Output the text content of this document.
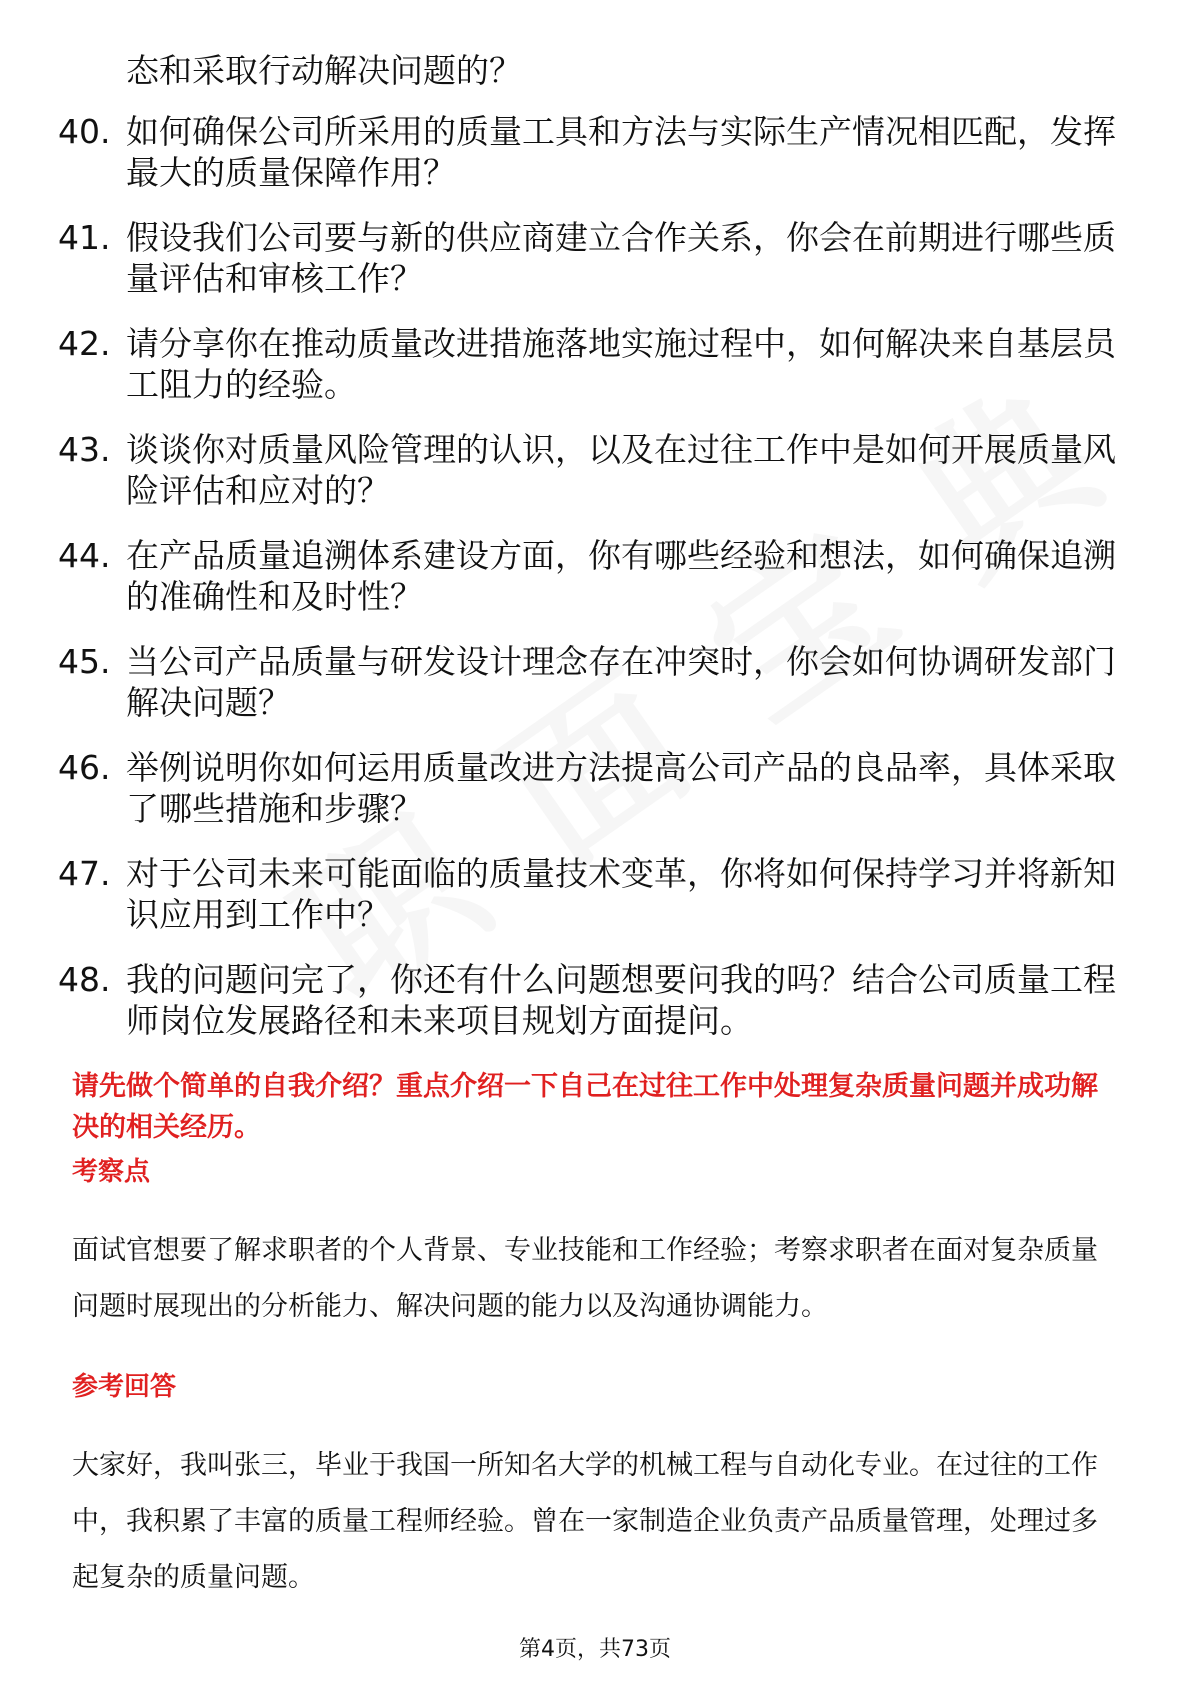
态和采取行动解决问题的？
40. 如何确保公司所采用的质量工具和方法与实际生产情况相匹配，发挥最大的质量保障作用？
41. 假设我们公司要与新的供应商建立合作关系，你会在前期进行哪些质量评估和审核工作？
42. 请分享你在推动质量改进措施落地实施过程中，如何解决来自基层员工阻力的经验。
43. 谈谈你对质量风险管理的认识，以及在过往工作中是如何开展质量风险评估和应对的？
44. 在产品质量追溯体系建设方面，你有哪些经验和想法，如何确保追溯的准确性和及时性？
45. 当公司产品质量与研发设计理念存在冲突时，你会如何协调研发部门解决问题？
46. 举例说明你如何运用质量改进方法提高公司产品的良品率，具体采取了哪些措施和步骤？
47. 对于公司未来可能面临的质量技术变革，你将如何保持学习并将新知识应用到工作中？
48. 我的问题问完了，你还有什么问题想要问我的吗？结合公司质量工程师岗位发展路径和未来项目规划方面提问。
请先做个简单的自我介绍？重点介绍一下自己在过往工作中处理复杂质量问题并成功解决的相关经历。
考察点
面试官想要了解求职者的个人背景、专业技能和工作经验；考察求职者在面对复杂质量问题时展现出的分析能力、解决问题的能力以及沟通协调能力。
参考回答
大家好，我叫张三，毕业于我国一所知名大学的机械工程与自动化专业。在过往的工作中，我积累了丰富的质量工程师经验。曾在一家制造企业负责产品质量管理，处理过多起复杂的质量问题。
第4页，共73页
